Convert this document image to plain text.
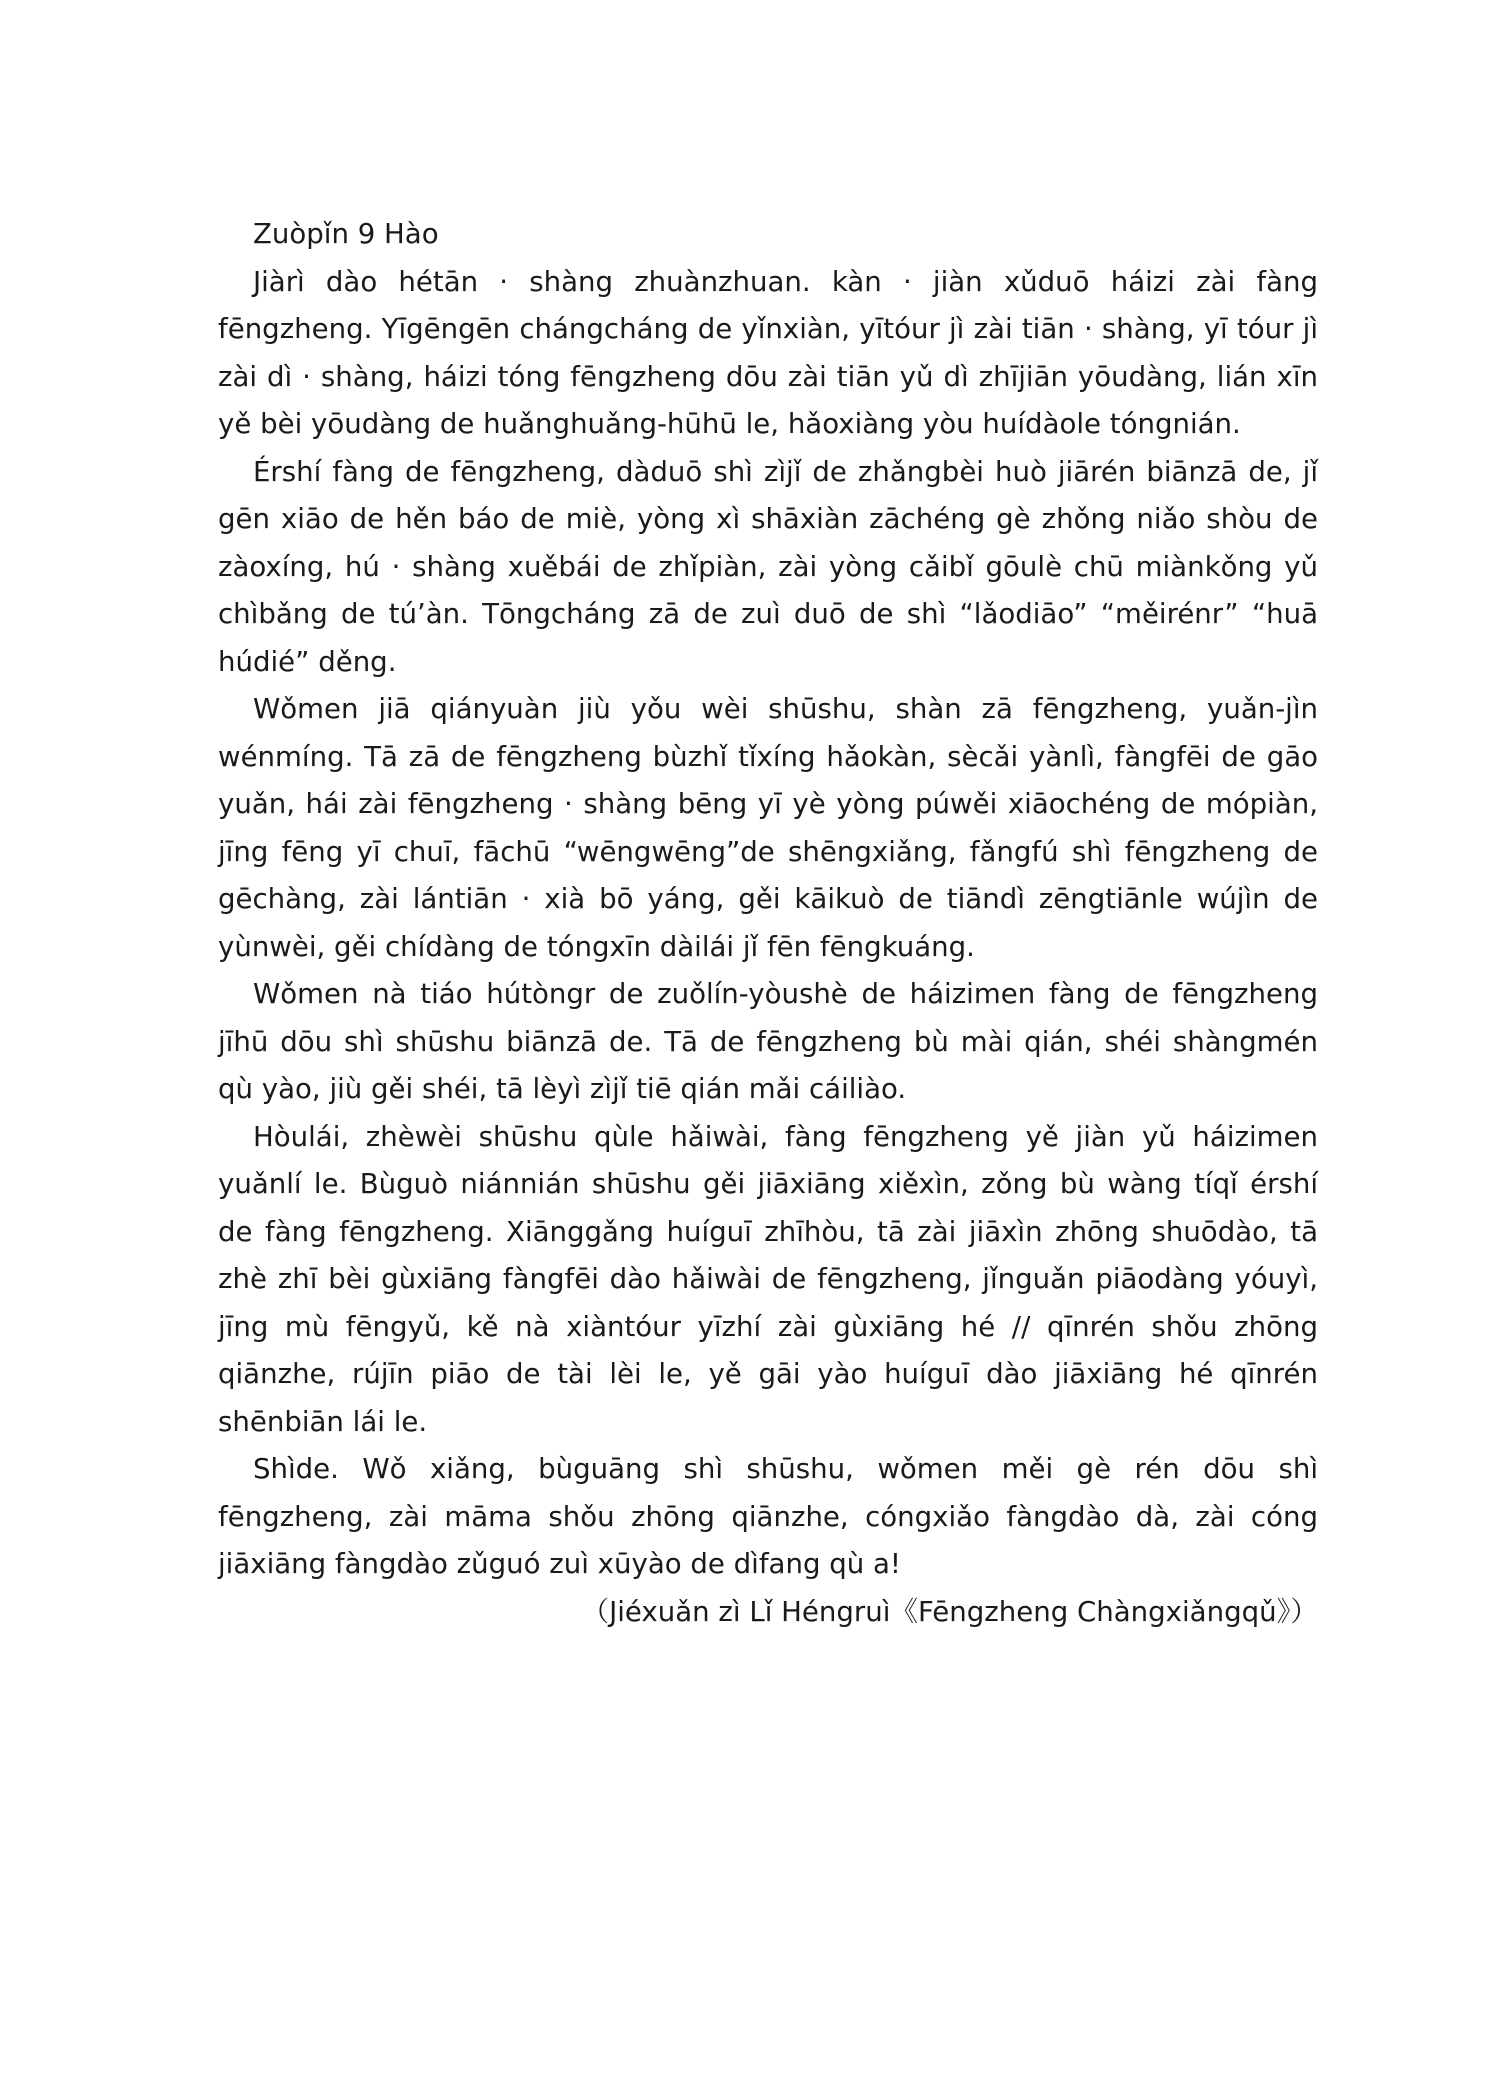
Zuòpǐn 9 Hào

Jiàrì dào hétān · shàng zhuànzhuan. kàn · jiàn xǔduō háizi zài fàng fēngzheng. Yīgēngēn chángcháng de yǐnxiàn, yītóur jì zài tiān · shàng, yī tóur jì zài dì · shàng, háizi tóng fēngzheng dōu zài tiān yǔ dì zhījiān yōudàng, lián xīn yě bèi yōudàng de huǎnghuǎng-hūhū le, hǎoxiàng yòu huídàole tóngnián.

Érshí fàng de fēngzheng, dàduō shì zìjǐ de zhǎngbèi huò jiārén biānzā de, jǐ gēn xiāo de hěn báo de miè, yòng xì shāxiàn zāchéng gè zhǒng niǎo shòu de zàoxíng, hú · shàng xuěbái de zhǐpiàn, zài yòng cǎibǐ gōulè chū miànkǒng yǔ chìbǎng de tú’àn. Tōngcháng zā de zuì duō de shì “lǎodiāo” “měirénr” “huā húdié” děng.

Wǒmen jiā qiányuàn jiù yǒu wèi shūshu, shàn zā fēngzheng, yuǎn-jìn wénmíng. Tā zā de fēngzheng bùzhǐ tǐxíng hǎokàn, sècǎi yànlì, fàngfēi de gāo yuǎn, hái zài fēngzheng · shàng bēng yī yè yòng púwěi xiāochéng de mópiàn, jīng fēng yī chuī, fāchū “wēngwēng”de shēngxiǎng, fǎngfú shì fēngzheng de gēchàng, zài lántiān · xià bō yáng, gěi kāikuò de tiāndì zēngtiānle wújìn de yùnwèi, gěi chídàng de tóngxīn dàilái jǐ fēn fēngkuáng.

Wǒmen nà tiáo hútòngr de zuǒlín-yòushè de háizimen fàng de fēngzheng jīhū dōu shì shūshu biānzā de. Tā de fēngzheng bù mài qián, shéi shàngmén qù yào, jiù gěi shéi, tā lèyì zìjǐ tiē qián mǎi cáiliào.

Hòulái, zhèwèi shūshu qùle hǎiwài, fàng fēngzheng yě jiàn yǔ háizimen yuǎnlí le. Bùguò niánnián shūshu gěi jiāxiāng xiěxìn, zǒng bù wàng tíqǐ érshí de fàng fēngzheng. Xiānggǎng huíguī zhīhòu, tā zài jiāxìn zhōng shuōdào, tā zhè zhī bèi gùxiāng fàngfēi dào hǎiwài de fēngzheng, jǐnguǎn piāodàng yóuyì, jīng mù fēngyǔ, kě nà xiàntóur yīzhí zài gùxiāng hé // qīnrén shǒu zhōng qiānzhe, rújīn piāo de tài lèi le, yě gāi yào huíguī dào jiāxiāng hé qīnrén shēnbiān lái le.

Shìde. Wǒ xiǎng, bùguāng shì shūshu, wǒmen měi gè rén dōu shì fēngzheng, zài māma shǒu zhōng qiānzhe, cóngxiǎo fàngdào dà, zài cóng jiāxiāng fàngdào zǔguó zuì xūyào de dìfang qù a!

（Jiéxuǎn zì Lǐ Héngruì《Fēngzheng Chàngxiǎngqǔ》）
